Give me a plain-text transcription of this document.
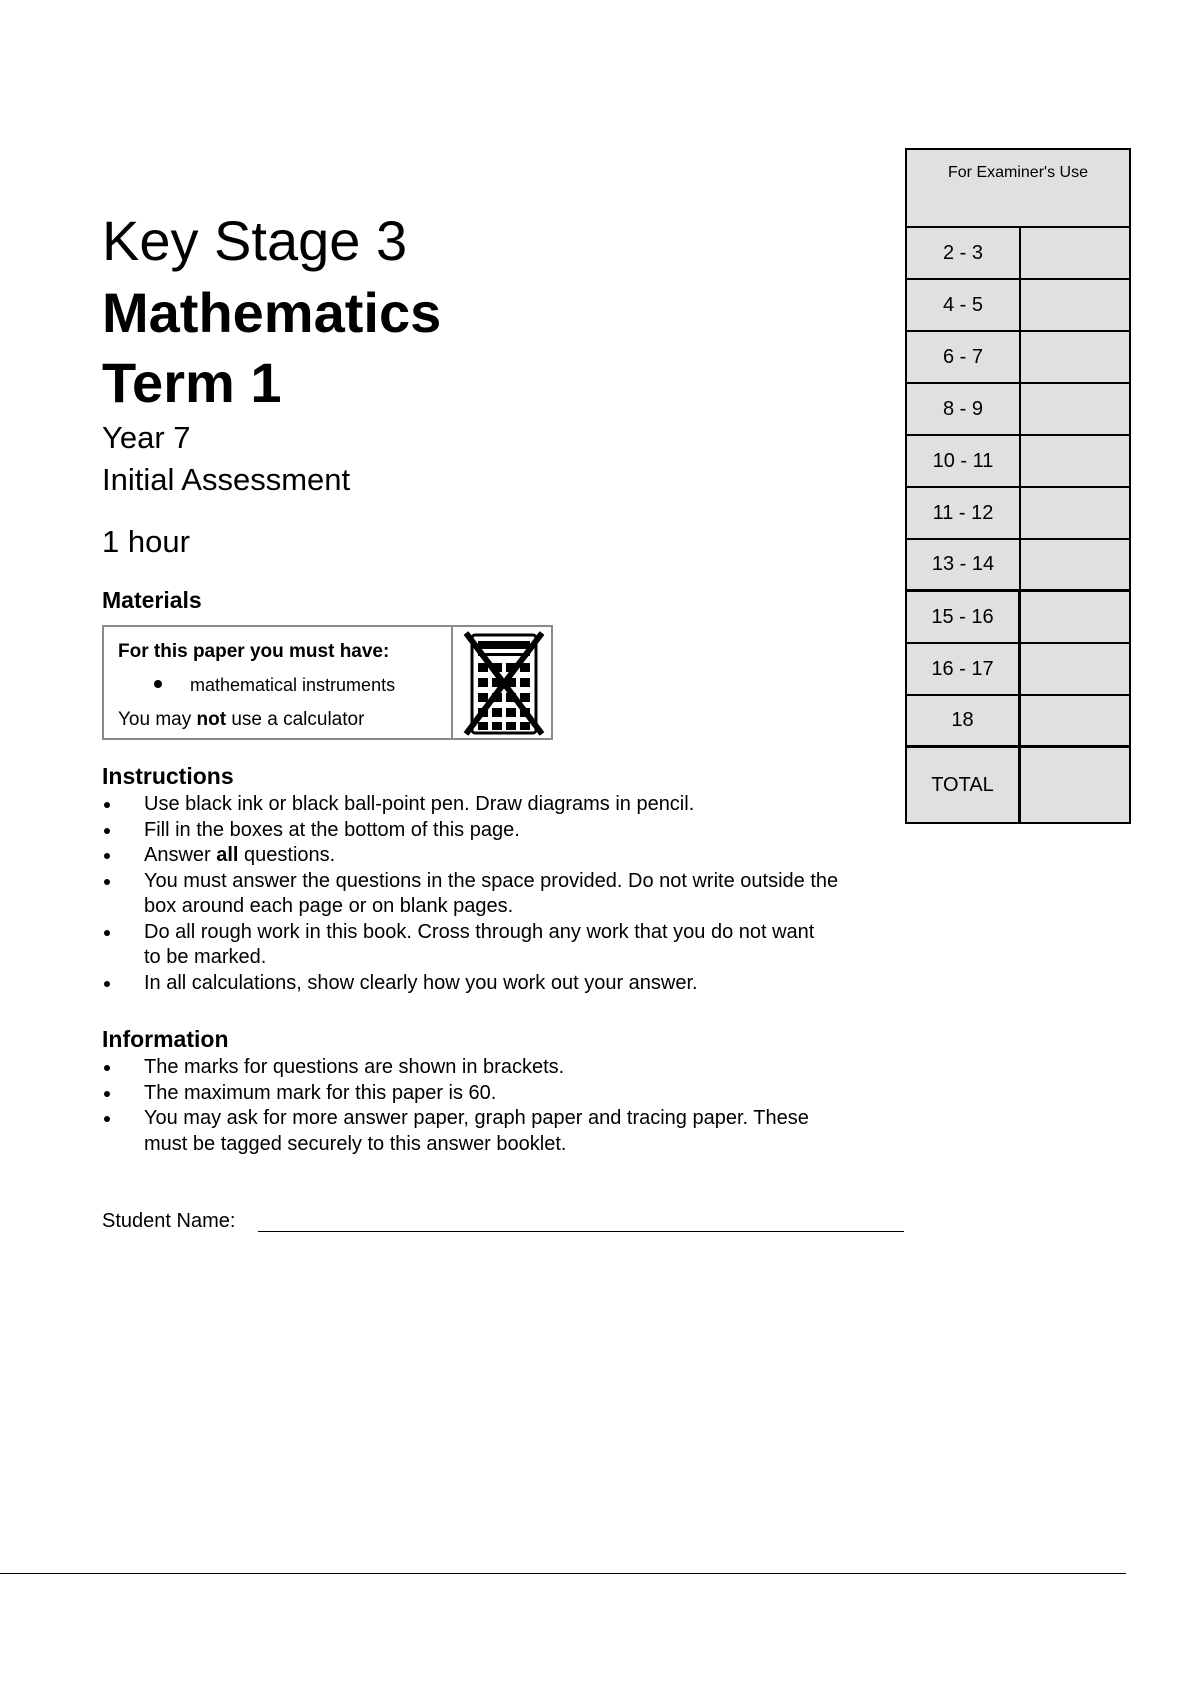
Key Stage 3
Mathematics
Term 1
Year 7
Initial Assessment
1 hour
Materials
For this paper you must have:
mathematical instruments
You may not use a calculator
Instructions
Use black ink or black ball-point pen. Draw diagrams in pencil.
Fill in the boxes at the bottom of this page.
Answer all questions.
You must answer the questions in the space provided. Do not write outside the box around each page or on blank pages.
Do all rough work in this book. Cross through any work that you do not want to be marked.
In all calculations, show clearly how you work out your answer.
Information
The marks for questions are shown in brackets.
The maximum mark for this paper is 60.
You may ask for more answer paper, graph paper and tracing paper. These must be tagged securely to this answer booklet.
Student Name:
For Examiner's Use
2 - 3
4 - 5
6 - 7
8 - 9
10 - 11
11 - 12
13 - 14
15 - 16
16 - 17
18
TOTAL
